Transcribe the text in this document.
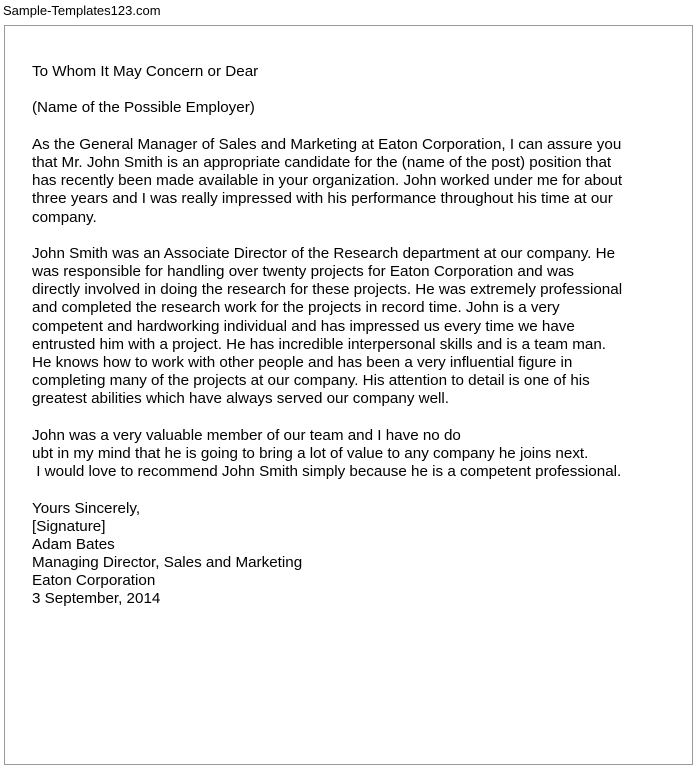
Sample-Templates123.com
To Whom It May Concern or Dear
(Name of the Possible Employer)
As the General Manager of Sales and Marketing at Eaton Corporation, I can assure you
that Mr. John Smith is an appropriate candidate for the (name of the post) position that
has recently been made available in your organization. John worked under me for about
three years and I was really impressed with his performance throughout his time at our
company.
John Smith was an Associate Director of the Research department at our company. He
was responsible for handling over twenty projects for Eaton Corporation and was
directly involved in doing the research for these projects. He was extremely professional
and completed the research work for the projects in record time. John is a very
competent and hardworking individual and has impressed us every time we have
entrusted him with a project. He has incredible interpersonal skills and is a team man.
He knows how to work with other people and has been a very influential figure in
completing many of the projects at our company. His attention to detail is one of his
greatest abilities which have always served our company well.
John was a very valuable member of our team and I have no do
ubt in my mind that he is going to bring a lot of value to any company he joins next.
I would love to recommend John Smith simply because he is a competent professional.
Yours Sincerely,
[Signature]
Adam Bates
Managing Director, Sales and Marketing
Eaton Corporation
3 September, 2014
